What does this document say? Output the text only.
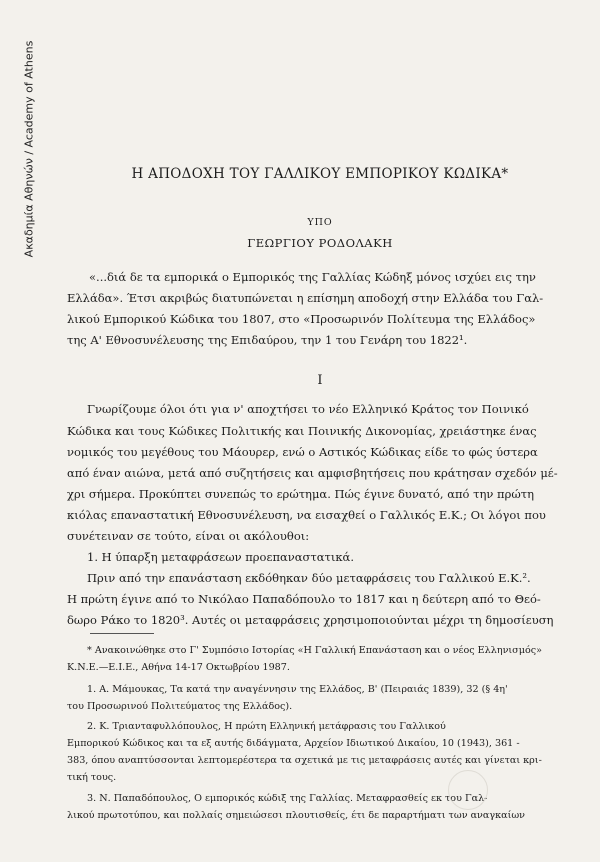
Ακαδημία Αθηνών / Academy of Athens	Η ΑΠΟΔΟΧΗ ΤΟΥ ΓΑΛΛΙΚΟΥ ΕΜΠΟΡΙΚΟΥ ΚΩΔΙΚΑ*
ΥΠΟ
ΓΕΩΡΓΙΟΥ ΡΟΔΟΛΑΚΗ
«...διά δε τα εμπορικά ο Εμπορικός της Γαλλίας Κώδηξ μόνος ισχύει εις την
Ελλάδα». Έτσι ακριβώς διατυπώνεται η επίσημη αποδοχή στην Ελλάδα του Γαλ-
λικού Εμπορικού Κώδικα του 1807, στο «Προσωρινόν Πολίτευμα της Ελλάδος»
της Α' Εθνοσυνέλευσης της Επιδαύρου, την 1 του Γενάρη του 1822¹.
I
Γνωρίζουμε όλοι ότι για ν' αποχτήσει το νέο Ελληνικό Κράτος τον Ποινικό
Κώδικα και τους Κώδικες Πολιτικής και Ποινικής Δικονομίας, χρειάστηκε ένας
νομικός του μεγέθους του Μάουρερ, ενώ ο Αστικός Κώδικας είδε το φώς ύστερα
από έναν αιώνα, μετά από συζητήσεις και αμφισβητήσεις που κράτησαν σχεδόν μέ-
χρι σήμερα. Προκύπτει συνεπώς το ερώτημα. Πώς έγινε δυνατό, από την πρώτη
κιόλας επαναστατική Εθνοσυνέλευση, να εισαχθεί ο Γαλλικός Ε.Κ.; Οι λόγοι που
συνέτειναν σε τούτο, είναι οι ακόλουθοι:
1. Η ύπαρξη μεταφράσεων προεπαναστατικά.
Πριν από την επανάσταση εκδόθηκαν δύο μεταφράσεις του Γαλλικού Ε.Κ.².
Η πρώτη έγινε από το Νικόλαο Παπαδόπουλο το 1817 και η δεύτερη από το Θεό-
δωρο Ράκο το 1820³. Αυτές οι μεταφράσεις χρησιμοποιούνται μέχρι τη δημοσίευση
* Ανακοινώθηκε στο Γ' Συμπόσιο Ιστορίας «Η Γαλλική Επανάσταση και ο νέος Ελληνισμός»
Κ.Ν.Ε.—Ε.Ι.Ε., Αθήνα 14-17 Οκτωβρίου 1987.
1. Α. Μάμουκας, Τα κατά την αναγέννησιν της Ελλάδος, Β' (Πειραιάς 1839), 32 (§ 4η'
του Προσωρινού Πολιτεύματος της Ελλάδος).
2. Κ. Τριανταφυλλόπουλος, Η πρώτη Ελληνική μετάφρασις του Γαλλικού
Εμπορικού Κώδικος και τα εξ αυτής διδάγματα, Αρχείον Ιδιωτικού Δικαίου, 10 (1943), 361 -
383, όπου αναπτύσσονται λεπτομερέστερα τα σχετικά με τις μεταφράσεις αυτές και γίνεται κρι-
τική τους.
3. Ν. Παπαδόπουλος, Ο εμπορικός κώδιξ της Γαλλίας. Μεταφρασθείς εκ του Γαλ-
λικού πρωτοτύπου, και πολλαίς σημειώσεσι πλουτισθείς, έτι δε παραρτήματι των αναγκαίων
